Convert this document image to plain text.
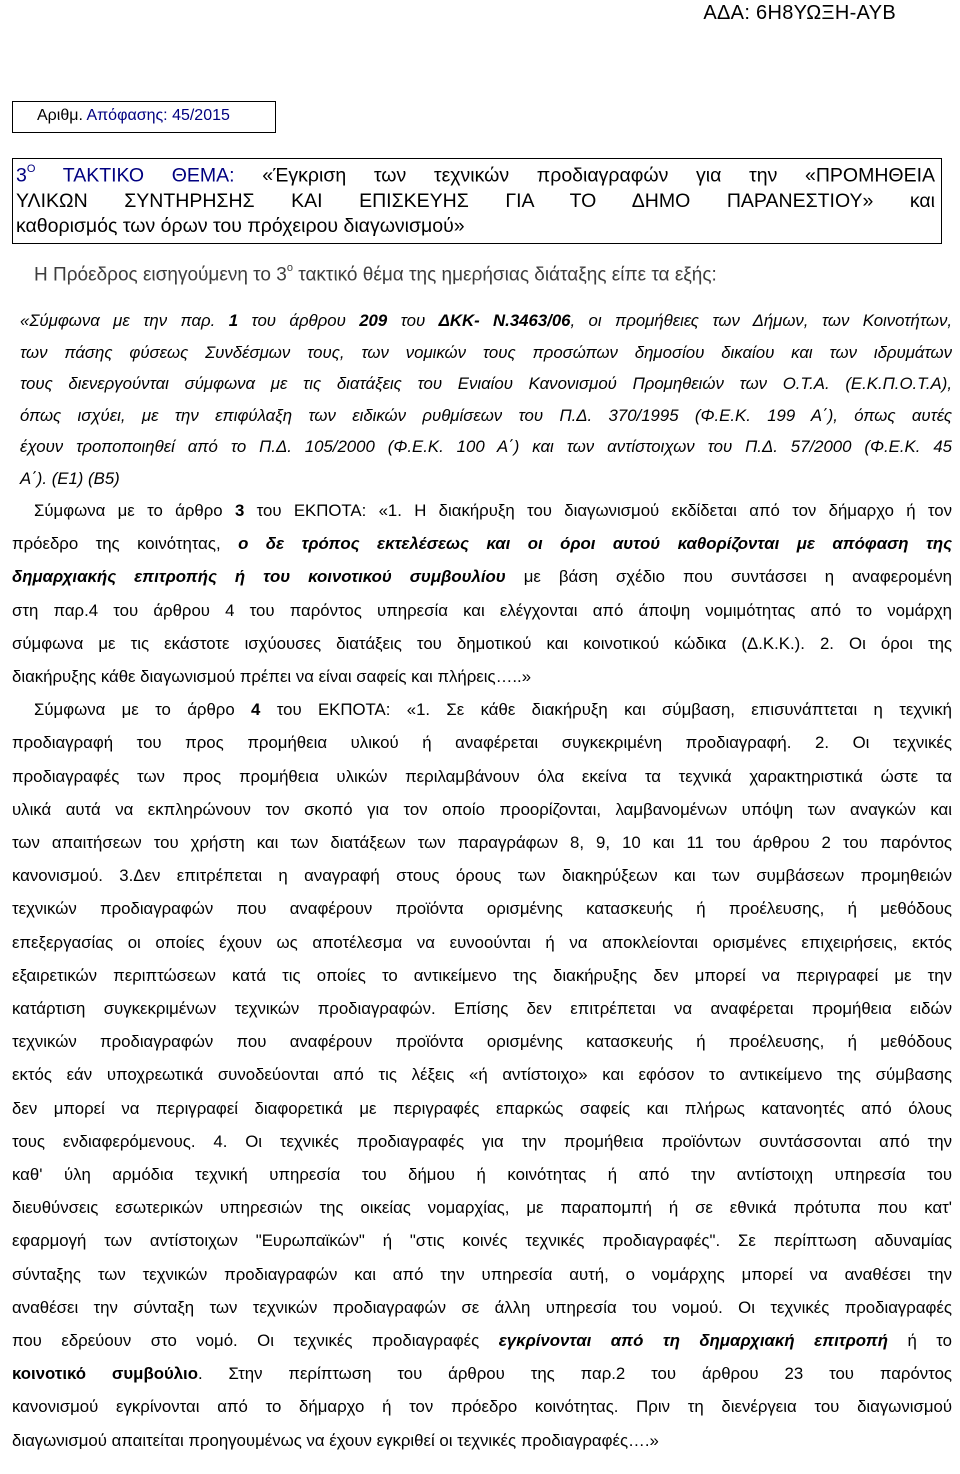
ΑΔΑ: 6Η8ΥΩΞΗ-ΑΥΒ
Αριθμ. Απόφασης: 45/2015
$3^O$ ΤΑΚΤΙΚΟ ΘΕΜΑ: «Έγκριση των τεχνικών προδιαγραφών για την «ΠΡΟΜΗΘΕΙΑ
ΥΛΙΚΩΝ ΣΥΝΤΗΡΗΣΗΣ ΚΑΙ ΕΠΙΣΚΕΥΗΣ ΓΙΑ ΤΟ ΔΗΜΟ ΠΑΡΑΝΕΣΤΙΟΥ» και
καθορισμός των όρων του πρόχειρου διαγωνισμού»
Η Πρόεδρος εισηγούμενη το $3^o$ τακτικό θέμα της ημερήσιας διάταξης είπε τα εξής:

«Σύμφωνα με την παρ. 1 του άρθρου 209 του ΔΚΚ- Ν.3463/06, οι προμήθειες των Δήμων, των Κοινοτήτων,

των πάσης φύσεως Συνδέσμων τους, των νομικών τους προσώπων δημοσίου δικαίου και των ιδρυμάτων

τους διενεργούνται σύμφωνα με τις διατάξεις του Ενιαίου Κανονισμού Προμηθειών των Ο.Τ.Α. (Ε.Κ.Π.Ο.Τ.Α),

όπως ισχύει, με την επιφύλαξη των ειδικών ρυθμίσεων του Π.Δ. 370/1995 (Φ.Ε.Κ. 199 Α΄), όπως αυτές

έχουν τροποποιηθεί από το Π.Δ. 105/2000 (Φ.Ε.Κ. 100 Α΄) και των αντίστοιχων του Π.Δ. 57/2000 (Φ.Ε.Κ. 45

Α΄). (Ε1) (Β5)

Σύμφωνα με το άρθρο 3 του ΕΚΠΟΤΑ: «1. Η διακήρυξη του διαγωνισμού εκδίδεται από τον δήμαρχο ή τον

πρόεδρο της κοινότητας, ο δε τρόπος εκτελέσεως και οι όροι αυτού καθορίζονται με απόφαση της

δημαρχιακής επιτροπής ή του κοινοτικού συμβουλίου με βάση σχέδιο που συντάσσει η αναφερομένη

στη παρ.4 του άρθρου 4 του παρόντος υπηρεσία και ελέγχονται από άποψη νομιμότητας από το νομάρχη

σύμφωνα με τις εκάστοτε ισχύουσες διατάξεις του δημοτικού και κοινοτικού κώδικα (Δ.Κ.Κ.). 2. Οι όροι της

διακήρυξης κάθε διαγωνισμού πρέπει να είναι σαφείς και πλήρεις…..»

Σύμφωνα με το άρθρο 4 του ΕΚΠΟΤΑ: «1. Σε κάθε διακήρυξη και σύμβαση, επισυνάπτεται η τεχνική

προδιαγραφή του προς προμήθεια υλικού ή αναφέρεται συγκεκριμένη προδιαγραφή. 2. Οι τεχνικές

προδιαγραφές των προς προμήθεια υλικών περιλαμβάνουν όλα εκείνα τα τεχνικά χαρακτηριστικά ώστε τα

υλικά αυτά να εκπληρώνουν τον σκοπό για τον οποίο προορίζονται, λαμβανομένων υπόψη των αναγκών και

των απαιτήσεων του χρήστη και των διατάξεων των παραγράφων 8, 9, 10 και 11 του άρθρου 2 του παρόντος

κανονισμού. 3.Δεν επιτρέπεται η αναγραφή στους όρους των διακηρύξεων και των συμβάσεων προμηθειών

τεχνικών προδιαγραφών που αναφέρουν προϊόντα ορισμένης κατασκευής ή προέλευσης, ή μεθόδους

επεξεργασίας οι οποίες έχουν ως αποτέλεσμα να ευνοούνται ή να αποκλείονται ορισμένες επιχειρήσεις, εκτός

εξαιρετικών περιπτώσεων κατά τις οποίες το αντικείμενο της διακήρυξης δεν μπορεί να περιγραφεί με την

κατάρτιση συγκεκριμένων τεχνικών προδιαγραφών. Επίσης δεν επιτρέπεται να αναφέρεται προμήθεια ειδών

τεχνικών προδιαγραφών που αναφέρουν προϊόντα ορισμένης κατασκευής ή προέλευσης, ή μεθόδους

εκτός εάν υποχρεωτικά συνοδεύονται από τις λέξεις «ή αντίστοιχο» και εφόσον το αντικείμενο της σύμβασης

δεν μπορεί να περιγραφεί διαφορετικά με περιγραφές επαρκώς σαφείς και πλήρως κατανοητές από όλους

τους ενδιαφερόμενους. 4. Οι τεχνικές προδιαγραφές για την προμήθεια προϊόντων συντάσσονται από την

καθ' ύλη αρμόδια τεχνική υπηρεσία του δήμου ή κοινότητας ή από την αντίστοιχη υπηρεσία του

διευθύνσεις εσωτερικών υπηρεσιών της οικείας νομαρχίας, με παραπομπή ή σε εθνικά πρότυπα που κατ'

εφαρμογή των αντίστοιχων "Ευρωπαϊκών" ή "στις κοινές τεχνικές προδιαγραφές". Σε περίπτωση αδυναμίας

σύνταξης των τεχνικών προδιαγραφών και από την υπηρεσία αυτή, ο νομάρχης μπορεί να αναθέσει την

αναθέσει την σύνταξη των τεχνικών προδιαγραφών σε άλλη υπηρεσία του νομού. Οι τεχνικές προδιαγραφές

που εδρεύουν στο νομό. Οι τεχνικές προδιαγραφές εγκρίνονται από τη δημαρχιακή επιτροπή ή το

κοινοτικό συμβούλιο. Στην περίπτωση του άρθρου της παρ.2 του άρθρου 23 του παρόντος

κανονισμού εγκρίνονται από το δήμαρχο ή τον πρόεδρο κοινότητας. Πριν τη διενέργεια του διαγωνισμού

διαγωνισμού απαιτείται προηγουμένως να έχουν εγκριθεί οι τεχνικές προδιαγραφές….»
